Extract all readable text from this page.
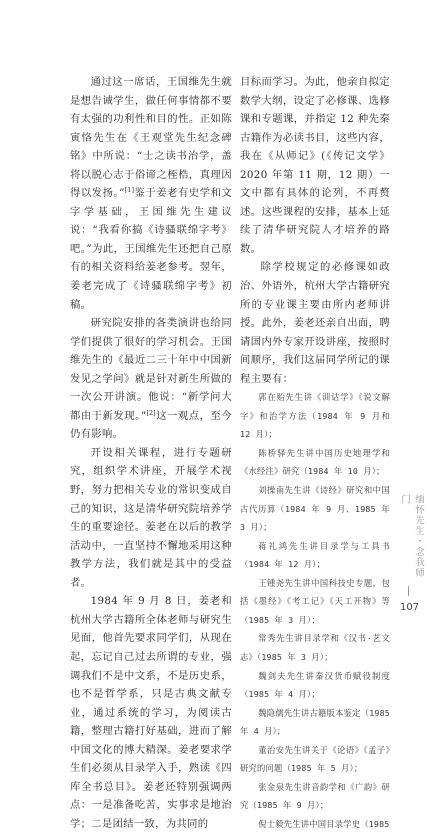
通过这一席话，王国维先生就是想告诫学生，做任何事情都不要有太强的功利性和目的性。正如陈寅恪先生在《王观堂先生纪念碑铭》中所说：“士之读书治学，盖将以脱心志于俗谛之桎梏，真理因得以发扬。”[1]鉴于姜老有史学和文字学基础，王国维先生建议说：“我看你搞《诗骚联绵字考》吧。”为此，王国维先生还把自己原有的相关资料给姜老参考。翌年，姜老完成了《诗骚联绵字考》初稿。

研究院安排的各类演讲也给同学们提供了很好的学习机会。王国维先生的《最近二三十年中中国新发见之学问》就是针对新生所做的一次公开讲演。他说：“新学问大都由于新发现。”[2]这一观点，至今仍有影响。

开设相关课程，进行专题研究，组织学术讲座，开展学术视野，努力把相关专业的常识变成自己的知识，这是清华研究院培养学生的重要途径。姜老在以后的教学活动中，一直坚持不懈地采用这种教学方法，我们就是其中的受益者。

1984 年 9 月 8 日，姜老和杭州大学古籍所全体老师与研究生见面，他首先要求同学们，从现在起，忘记自己过去所谓的专业，强调我们不是中文系，不是历史系，也不是哲学系，只是古典文献专业，通过系统的学习，为阅读古籍，整理古籍打好基础，进而了解中国文化的博大精深。姜老要求学生们必须从目录学入手，熟读《四库全书总目》。姜老还特别强调两点：一是准备吃苦，实事求是地治学；二是团结一致，为共同的

目标而学习。为此，他亲自拟定数学大纲，设定了必修课、选修课和专题课，并指定 12 种先秦古籍作为必读书目，这些内容，我在《从师记》(《传记文学》2020 年第 11 期，12 期）一文中都有具体的论列，不再赘述。这些课程的安排，基本上延续了清华研究院人才培养的路数。

除学校规定的必修课如政治、外语外，杭州大学古籍研究所的专业课主要由所内老师讲授。此外，姜老还亲自出面，聘请国内外专家开设讲座，按照时间顺序，我们这届同学所记的课程主要有：

郭在贻先生讲《训诂学》《说文解字》和治学方法（1984 年 9 月和 12 月）；
陈桥驿先生讲中国历史地理学和《水经注》研究（1984 年 10 月）；
刘操南先生讲《诗经》研究和中国古代历算（1984 年 9 月、1985 年 3 月）；
蒋礼鸿先生讲目录学与工具书（1984 年 12 月）；
王锺尧先生讲中国科技史专题，包括《墨经》《考工记》《天工开物》等（1985 年 3 月）；
常秀先生讲目录学和《汉书·艺文志》（1985 年 3 月）；
魏剑夫先生讲秦汉货币赋役制度（1985 年 4 月）；
魏隐儒先生讲古籍版本鉴定（1985 年 4 月）；
董治安先生讲关于《论语》《孟子》研究的问题（1985 年 5 月）；
张金泉先生讲音韵学和《广韵》研究（1985 年 9 月）；
倪士毅先生讲中国目录学史（1985
缅怀先生・念我师门
107
